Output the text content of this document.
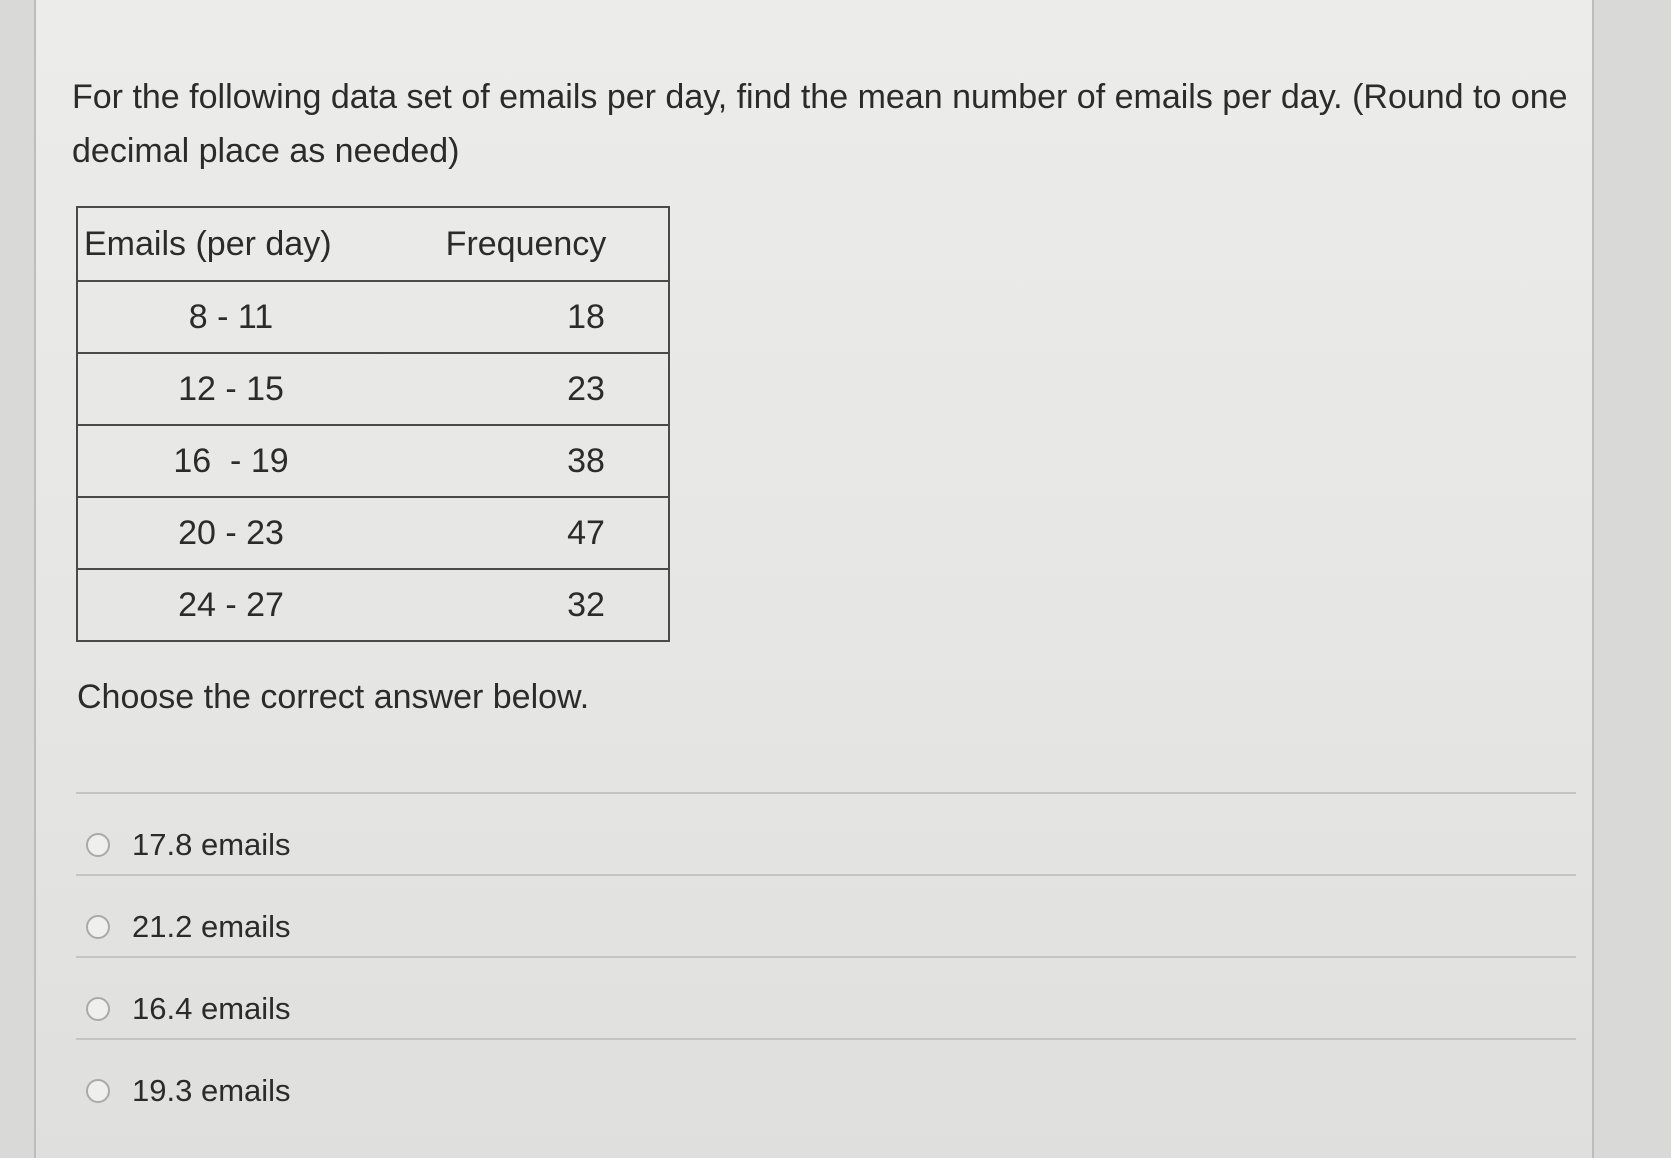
For the following data set of emails per day, find the mean number of emails per day. (Round to one decimal place as needed)

Emails (per day)	Frequency
8 - 11	18
12 - 15	23
16  - 19	38
20 - 23	47
24 - 27	32

Choose the correct answer below.

17.8 emails
21.2 emails
16.4 emails
19.3 emails
